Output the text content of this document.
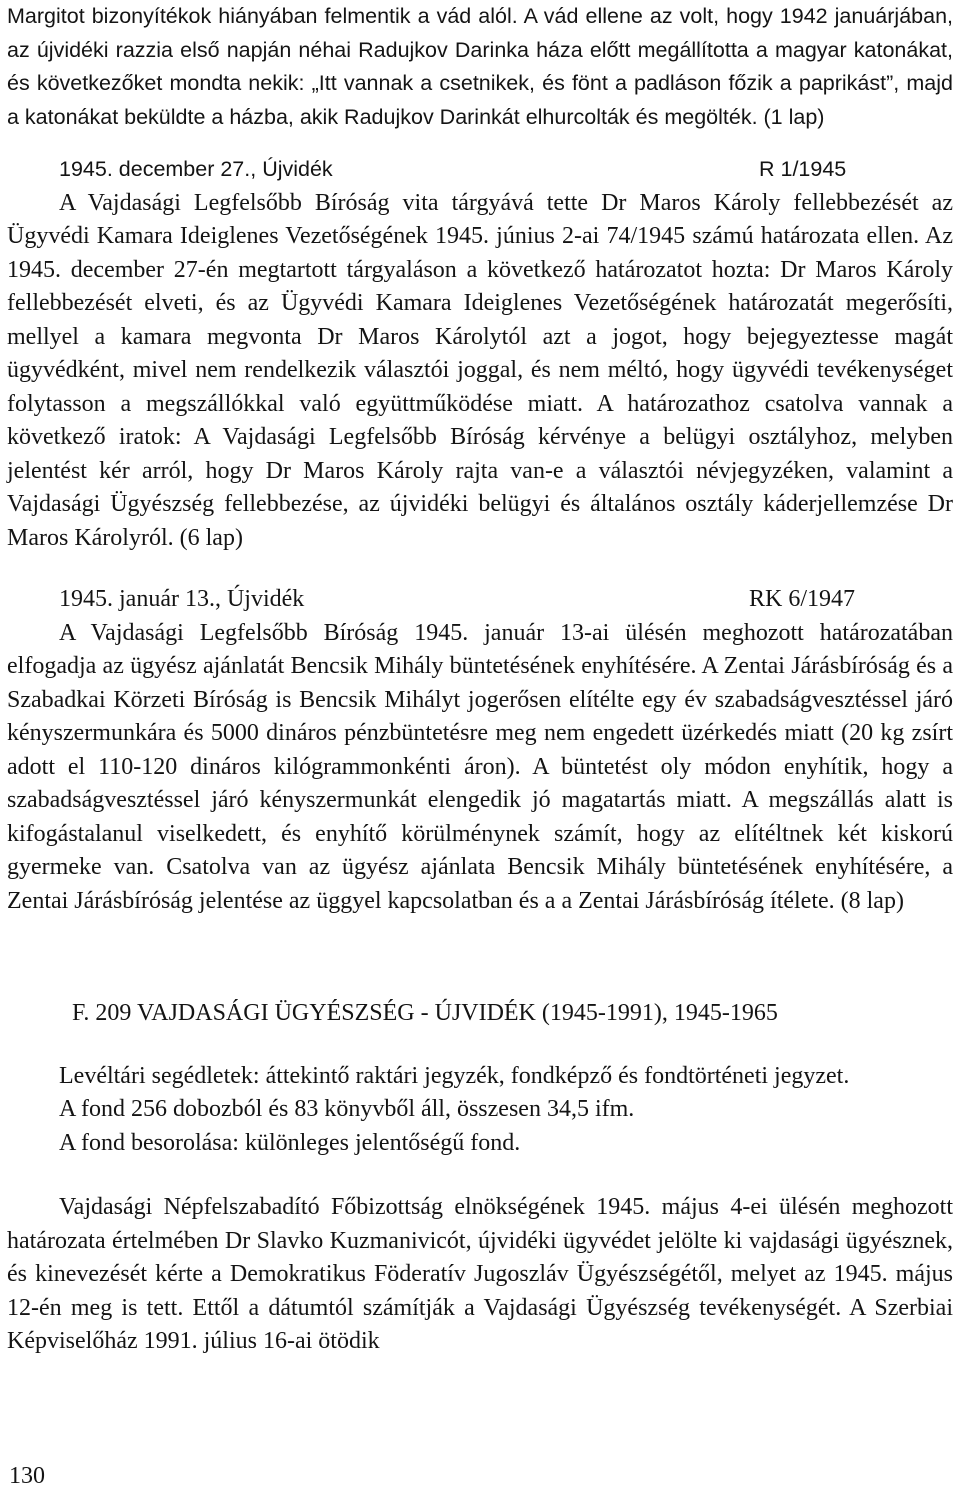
Margitot bizonyítékok hiányában felmentik a vád alól. A vád ellene az volt, hogy 1942 januárjában, az újvidéki razzia első napján néhai Radujkov Darinka háza előtt megállította a magyar katonákat, és következőket mondta nekik: „Itt vannak a csetnikek, és fönt a padláson főzik a paprikást”, majd a katonákat beküldte a házba, akik Radujkov Darinkát elhurcolták és megölték. (1 lap)

1945. december 27., Újvidék	R 1/1945

A Vajdasági Legfelsőbb Bíróság vita tárgyává tette Dr Maros Károly fellebbezését az Ügyvédi Kamara Ideiglenes Vezetőségének 1945. június 2-ai 74/1945 számú határozata ellen. Az 1945. december 27-én megtartott tárgyaláson a következő határozatot hozta: Dr Maros Károly fellebbezését elveti, és az Ügyvédi Kamara Ideiglenes Vezetőségének határozatát megerősíti, mellyel a kamara megvonta Dr Maros Károlytól azt a jogot, hogy bejegyeztesse magát ügyvédként, mivel nem rendelkezik választói joggal, és nem méltó, hogy ügyvédi tevékenységet folytasson a megszállókkal való együttműködése miatt. A határozathoz csatolva vannak a következő iratok: A Vajdasági Legfelsőbb Bíróság kérvénye a belügyi osztályhoz, melyben jelentést kér arról, hogy Dr Maros Károly rajta van-e a választói névjegyzéken, valamint a Vajdasági Ügyészség fellebbezése, az újvidéki belügyi és általános osztály káderjellemzése Dr Maros Károlyról. (6 lap)

1945. január 13., Újvidék	RK 6/1947

A Vajdasági Legfelsőbb Bíróság 1945. január 13-ai ülésén meghozott határozatában elfogadja az ügyész ajánlatát Bencsik Mihály büntetésének enyhítésére. A Zentai Járásbíróság és a Szabadkai Körzeti Bíróság is Bencsik Mihályt jogerősen elítélte egy év szabadságvesztéssel járó kényszermunkára és 5000 dináros pénzbüntetésre meg nem engedett üzérkedés miatt (20 kg zsírt adott el 110-120 dináros kilógrammonkénti áron). A büntetést oly módon enyhítik, hogy a szabadságvesztéssel járó kényszermunkát elengedik jó magatartás miatt. A megszállás alatt is kifogástalanul viselkedett, és enyhítő körülménynek számít, hogy az elítéltnek két kiskorú gyermeke van. Csatolva van az ügyész ajánlata Bencsik Mihály büntetésének enyhítésére, a Zentai Járásbíróság jelentése az üggyel kapcsolatban és a a Zentai Járásbíróság ítélete. (8 lap)

F. 209 VAJDASÁGI ÜGYÉSZSÉG - ÚJVIDÉK (1945-1991), 1945-1965

Levéltári segédletek: áttekintő raktári jegyzék, fondképző és fondtörténeti jegyzet.

A fond 256 dobozból és 83 könyvből áll, összesen 34,5 ifm.

A fond besorolása: különleges jelentőségű fond.

Vajdasági Népfelszabadító Főbizottság elnökségének 1945. május 4-ei ülésén meghozott határozata értelmében Dr Slavko Kuzmanivicót, újvidéki ügyvédet jelölte ki vajdasági ügyésznek, és kinevezését kérte a Demokratikus Föderatív Jugoszláv Ügyészségétől, melyet az 1945. május 12-én meg is tett. Ettől a dátumtól számítják a Vajdasági Ügyészség tevékenységét. A Szerbiai Képviselőház 1991. július 16-ai ötödik

130
